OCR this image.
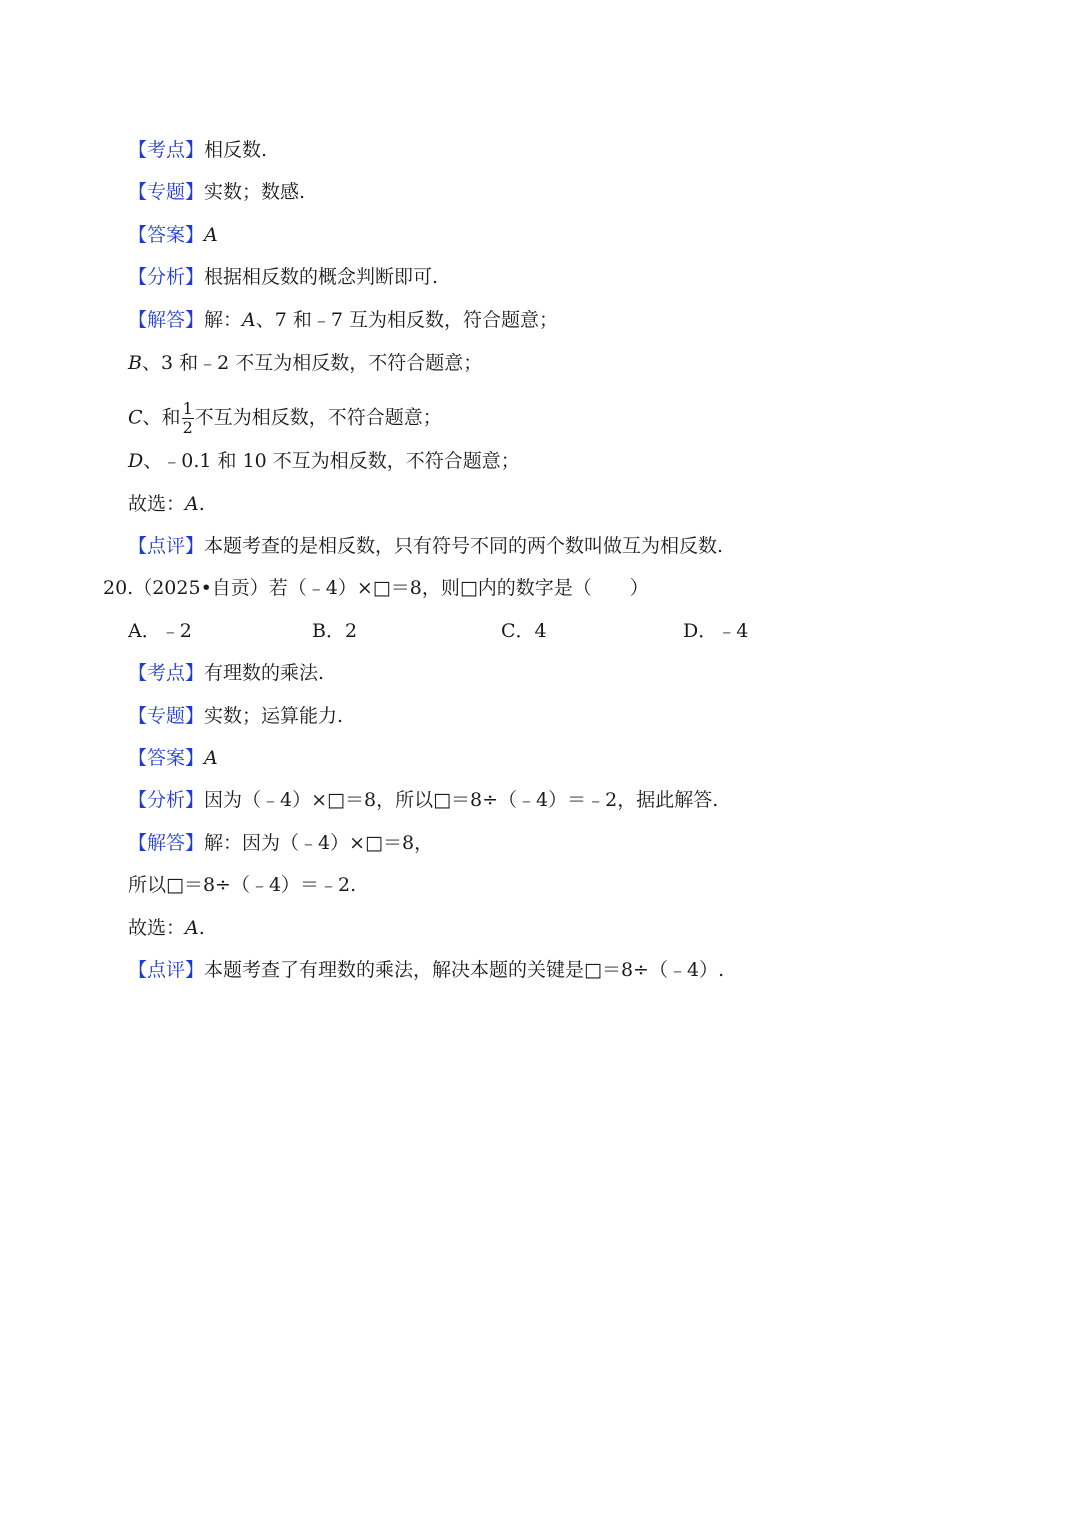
【考点】相反数.
【专题】实数；数感.
【答案】A
【分析】根据相反数的概念判断即可.
【解答】解：A、7 和﹣7 互为相反数，符合题意；
B、3 和﹣2 不互为相反数，不符合题意；
C、和 $\frac{1}{2}$ 不互为相反数，不符合题意；
D、﹣0.1 和 10 不互为相反数，不符合题意；
故选：A.
【点评】本题考查的是相反数，只有符号不同的两个数叫做互为相反数.
20.（2025•自贡）若（﹣4）×□＝8，则□内的数字是（　　）
A．﹣2	B．2	C．4	D．﹣4
【考点】有理数的乘法.
【专题】实数；运算能力.
【答案】A
【分析】因为（﹣4）×□＝8，所以□＝8÷（﹣4）＝﹣2，据此解答.
【解答】解：因为（﹣4）×□＝8，
所以□＝8÷（﹣4）＝﹣2.
故选：A.
【点评】本题考查了有理数的乘法，解决本题的关键是□＝8÷（﹣4）.
